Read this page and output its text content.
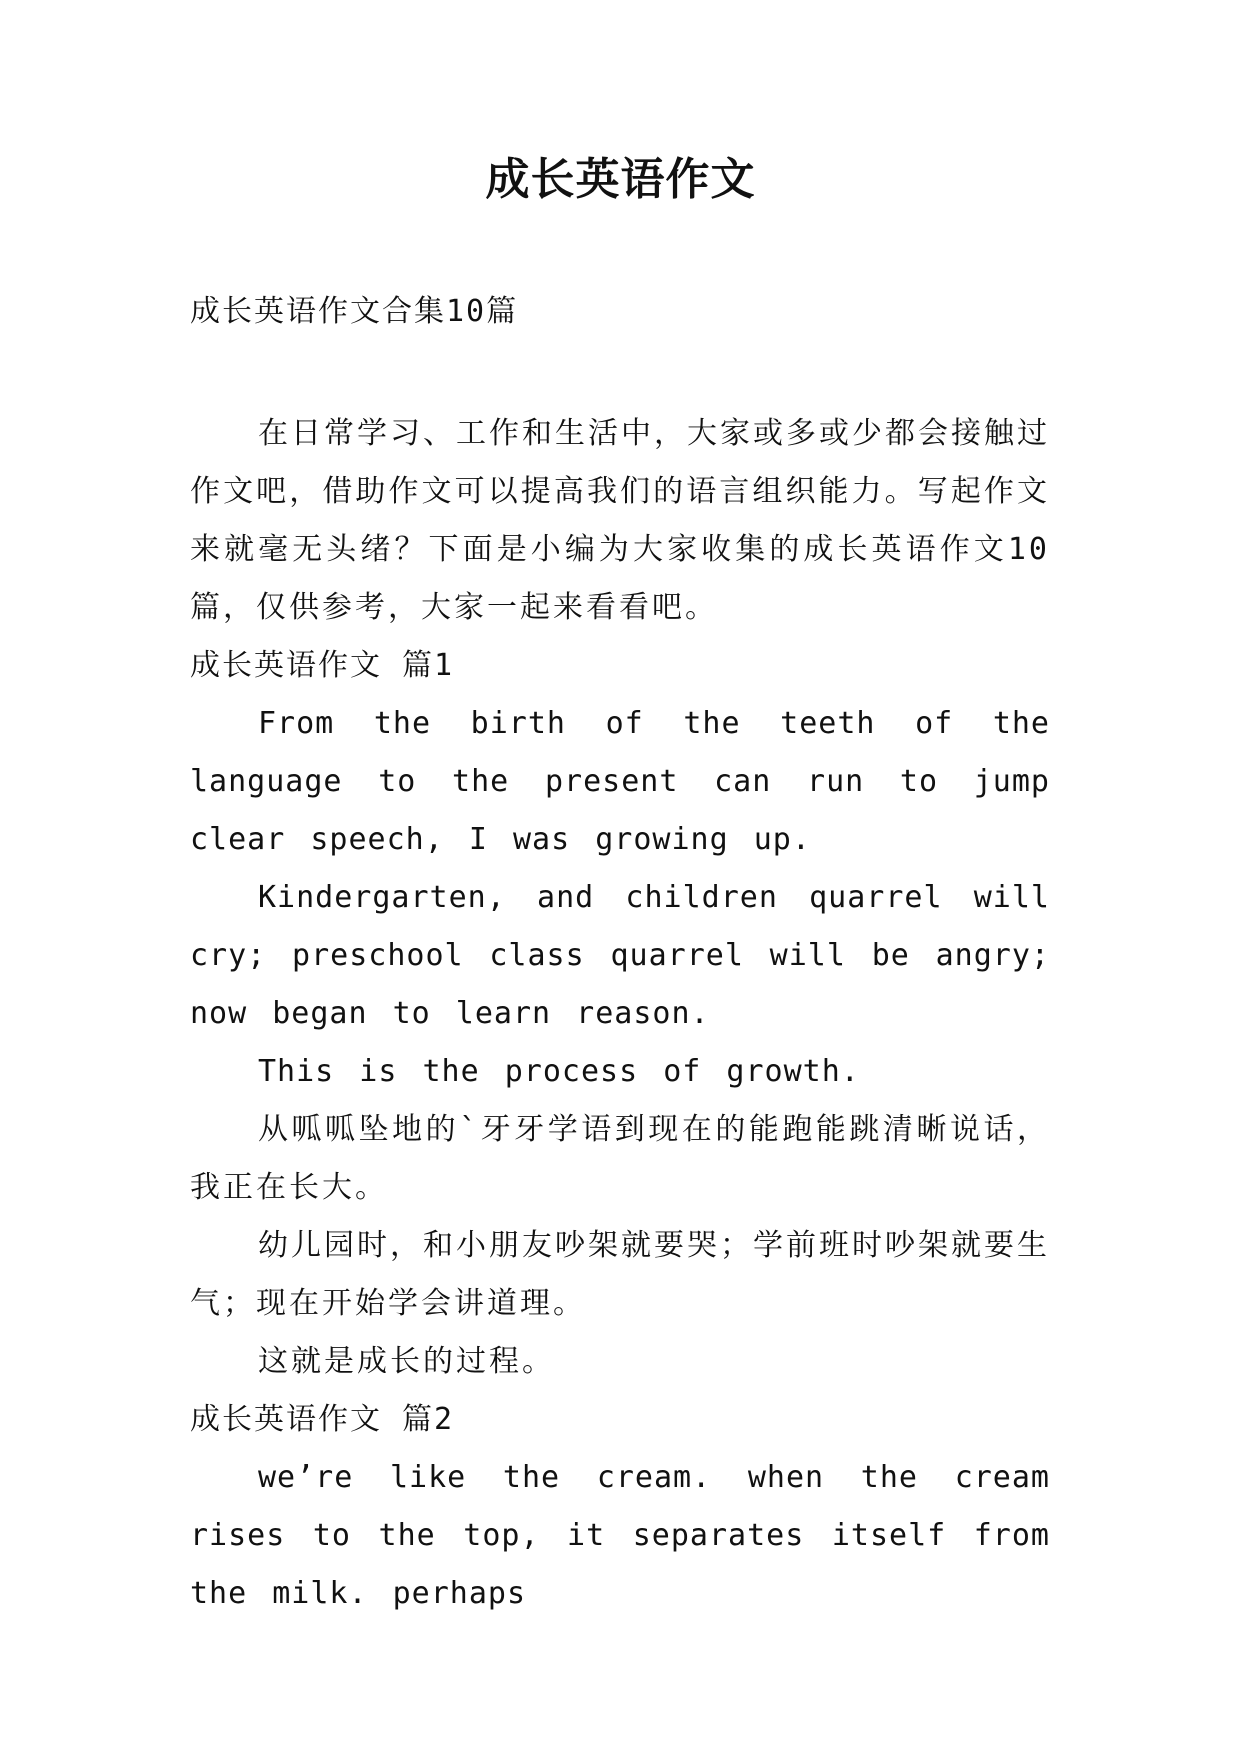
成长英语作文
成长英语作文合集10篇

在日常学习、工作和生活中，大家或多或少都会接触过作文吧，借助作文可以提高我们的语言组织能力。写起作文来就毫无头绪？下面是小编为大家收集的成长英语作文10篇，仅供参考，大家一起来看看吧。

成长英语作文 篇1

From the birth of the teeth of the language to the present can run to jump clear speech, I was growing up.

Kindergarten, and children quarrel will cry; preschool class quarrel will be angry; now began to learn reason.

This is the process of growth.

从呱呱坠地的`牙牙学语到现在的能跑能跳清晰说话，我正在长大。

幼儿园时，和小朋友吵架就要哭；学前班时吵架就要生气；现在开始学会讲道理。

这就是成长的过程。

成长英语作文 篇2

we’re like the cream. when the cream rises to the top, it separates itself from the milk. perhaps
